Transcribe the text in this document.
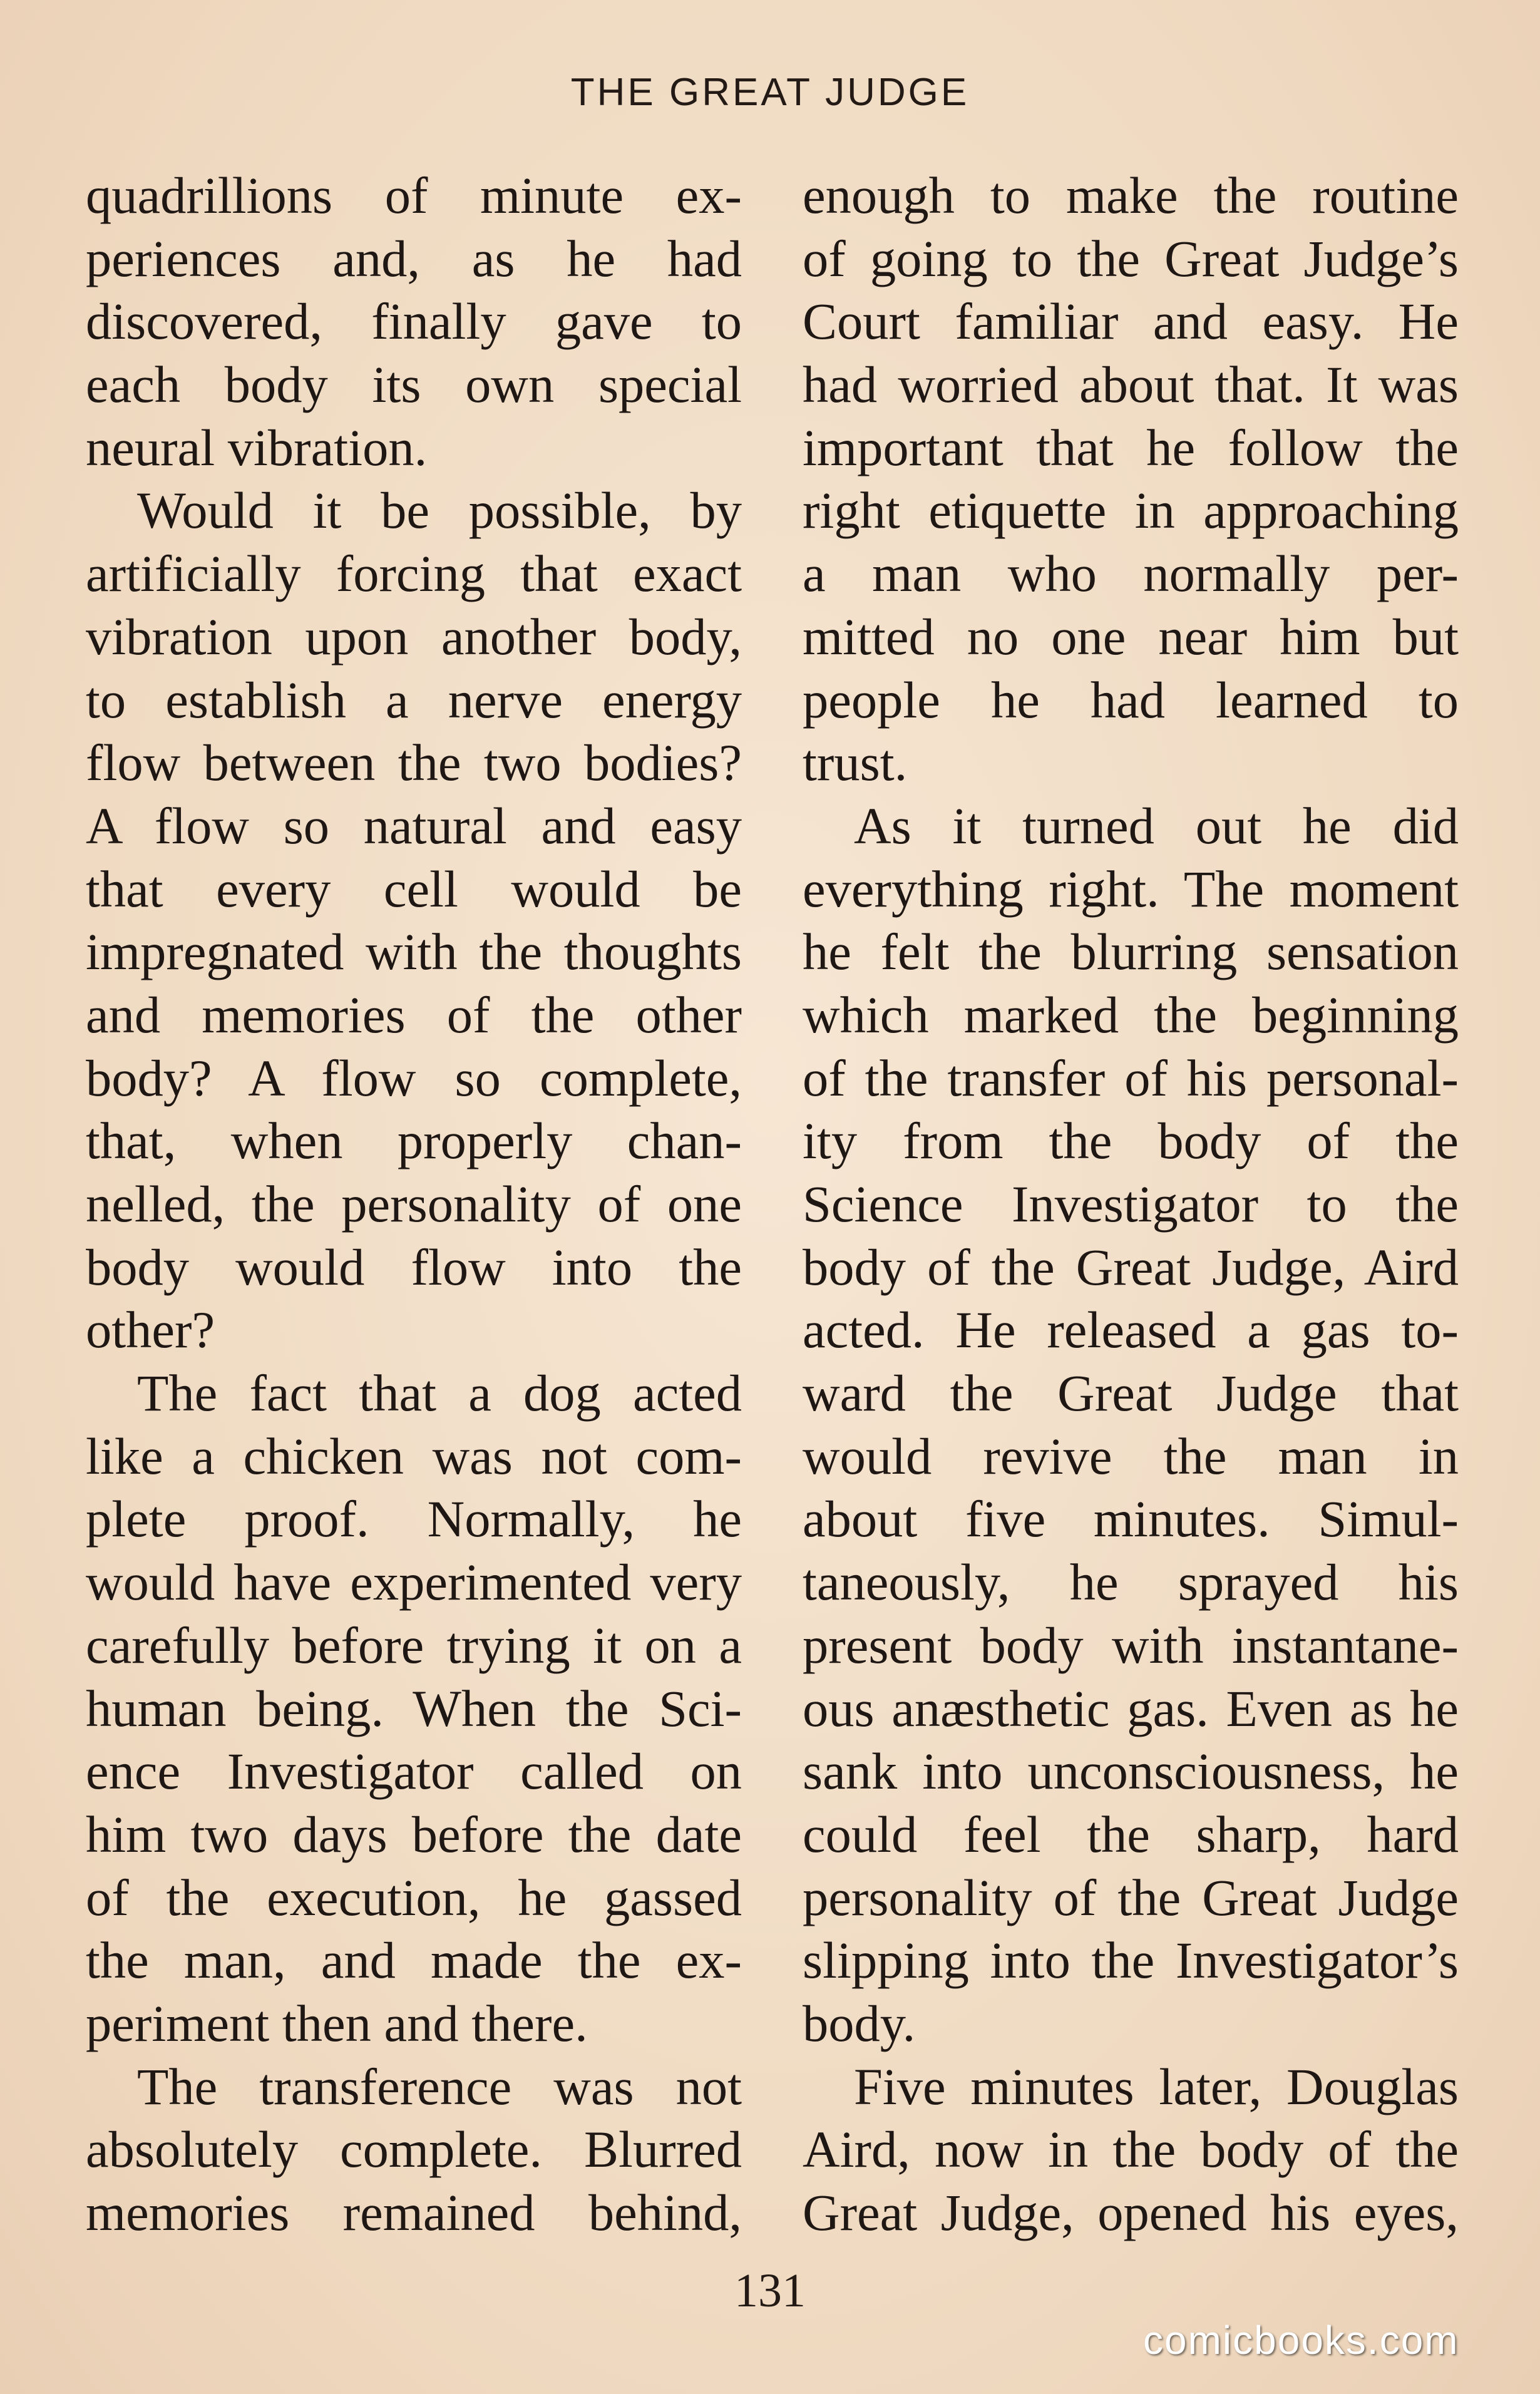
THE GREAT JUDGE
quadrillions of minute ex-
periences and, as he had
discovered, finally gave to
each body its own special
neural vibration.
Would it be possible, by
artificially forcing that exact
vibration upon another body,
to establish a nerve energy
flow between the two bodies?
A flow so natural and easy
that every cell would be
impregnated with the thoughts
and memories of the other
body? A flow so complete,
that, when properly chan-
nelled, the personality of one
body would flow into the
other?
The fact that a dog acted
like a chicken was not com-
plete proof. Normally, he
would have experimented very
carefully before trying it on a
human being. When the Sci-
ence Investigator called on
him two days before the date
of the execution, he gassed
the man, and made the ex-
periment then and there.
The transference was not
absolutely complete. Blurred
memories remained behind,
enough to make the routine
of going to the Great Judge’s
Court familiar and easy. He
had worried about that. It was
important that he follow the
right etiquette in approaching
a man who normally per-
mitted no one near him but
people he had learned to
trust.
As it turned out he did
everything right. The moment
he felt the blurring sensation
which marked the beginning
of the transfer of his personal-
ity from the body of the
Science Investigator to the
body of the Great Judge, Aird
acted. He released a gas to-
ward the Great Judge that
would revive the man in
about five minutes. Simul-
taneously, he sprayed his
present body with instantane-
ous anæsthetic gas. Even as he
sank into unconsciousness, he
could feel the sharp, hard
personality of the Great Judge
slipping into the Investigator’s
body.
Five minutes later, Douglas
Aird, now in the body of the
Great Judge, opened his eyes,
131
comicbooks.com
